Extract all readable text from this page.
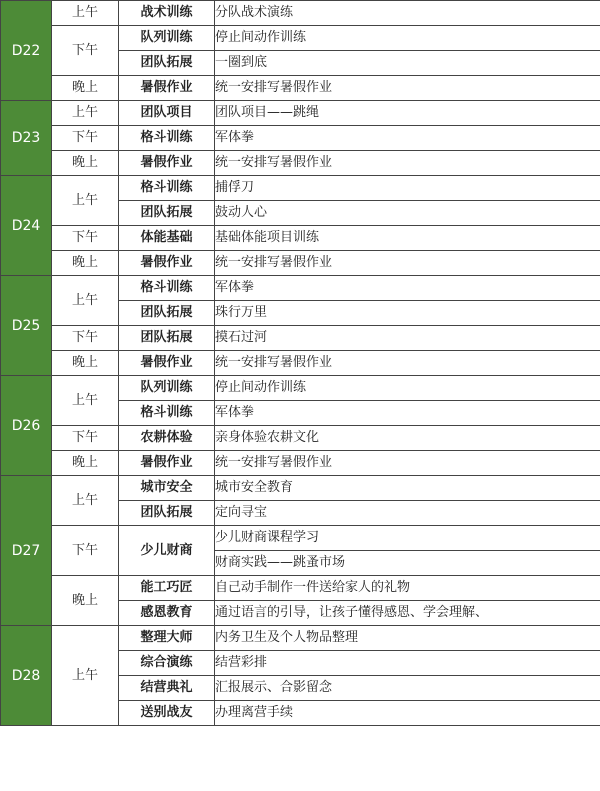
D22	上午	战术训练	分队战术演练
	下午	队列训练	停止间动作训练
		团队拓展	一圈到底
	晚上	暑假作业	统一安排写暑假作业
D23	上午	团队项目	团队项目——跳绳
	下午	格斗训练	军体拳
	晚上	暑假作业	统一安排写暑假作业
D24	上午	格斗训练	捕俘刀
		团队拓展	鼓动人心
	下午	体能基础	基础体能项目训练
	晚上	暑假作业	统一安排写暑假作业
D25	上午	格斗训练	军体拳
		团队拓展	珠行万里
	下午	团队拓展	摸石过河
	晚上	暑假作业	统一安排写暑假作业
D26	上午	队列训练	停止间动作训练
		格斗训练	军体拳
	下午	农耕体验	亲身体验农耕文化
	晚上	暑假作业	统一安排写暑假作业
D27	上午	城市安全	城市安全教育
		团队拓展	定向寻宝
	下午	少儿财商	少儿财商课程学习
			财商实践——跳蚤市场
	晚上	能工巧匠	自己动手制作一件送给家人的礼物
		感恩教育	通过语言的引导，让孩子懂得感恩、学会理解、
D28	上午	整理大师	内务卫生及个人物品整理
		综合演练	结营彩排
		结营典礼	汇报展示、合影留念
		送别战友	办理离营手续
